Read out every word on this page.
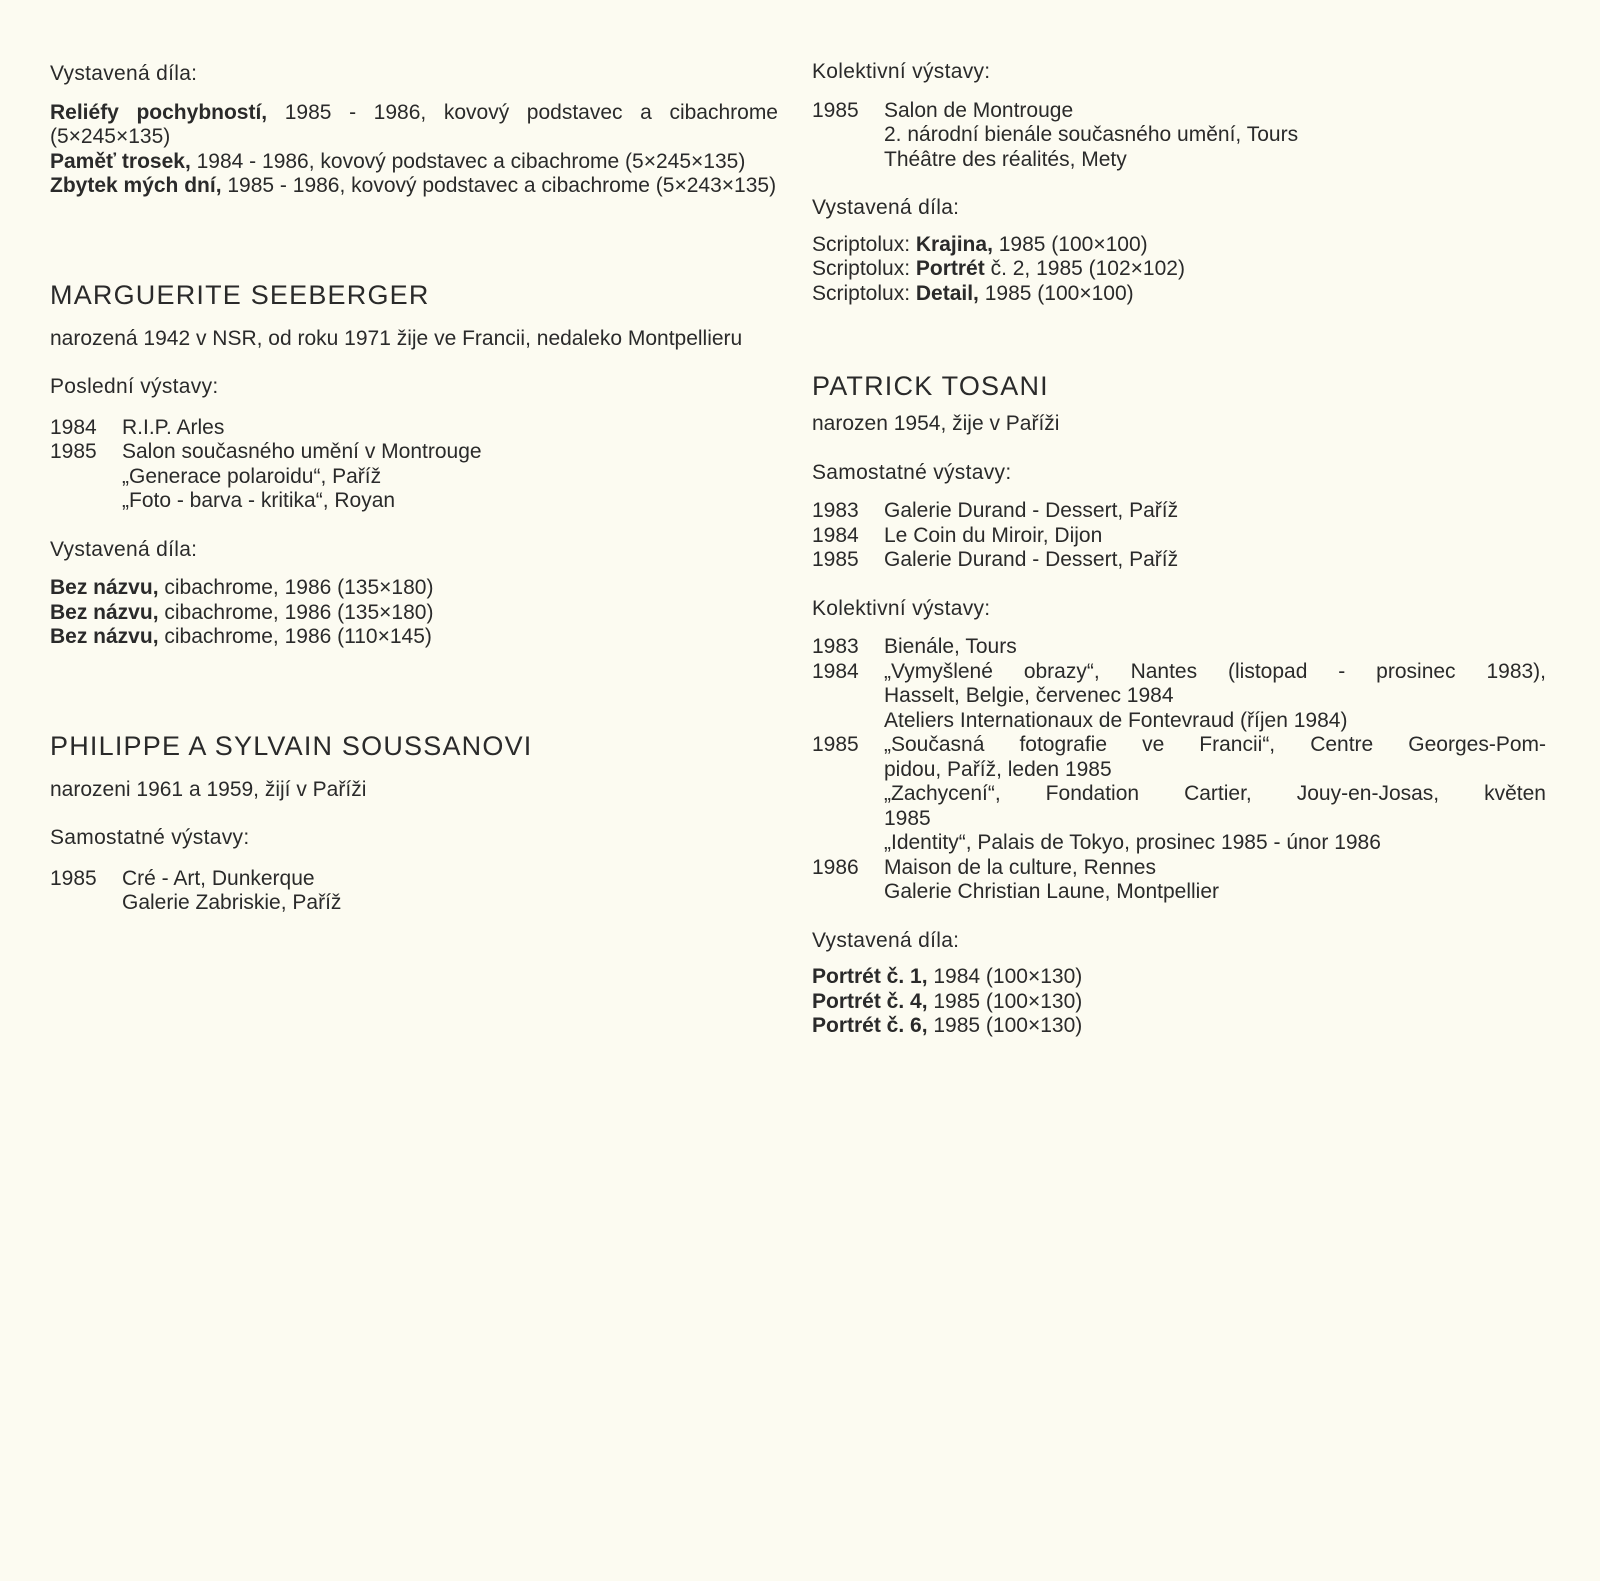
Vystavená díla:

Reliéfy pochybností, 1985 - 1986, kovový podstavec a cibachrome (5×245×135)
Paměť trosek, 1984 - 1986, kovový podstavec a cibachrome (5×245×135)
Zbytek mých dní, 1985 - 1986, kovový podstavec a cibachrome (5×243×135)
MARGUERITE SEEBERGER

narozená 1942 v NSR, od roku 1971 žije ve Francii, nedaleko Montpellieru

Poslední výstavy:

1984	R.I.P. Arles
1985	Salon současného umění v Montrouge
„Generace polaroidu“, Paříž
„Foto - barva - kritika“, Royan

Vystavená díla:

Bez názvu, cibachrome, 1986 (135×180)
Bez názvu, cibachrome, 1986 (135×180)
Bez názvu, cibachrome, 1986 (110×145)
PHILIPPE A SYLVAIN SOUSSANOVI

narozeni 1961 a 1959, žijí v Paříži

Samostatné výstavy:

1985	Cré - Art, Dunkerque
Galerie Zabriskie, Paříž

Kolektivní výstavy:

1985	Salon de Montrouge
2. národní bienále současného umění, Tours
Théâtre des réalités, Mety

Vystavená díla:

Scriptolux: Krajina, 1985 (100×100)
Scriptolux: Portrét č. 2, 1985 (102×102)
Scriptolux: Detail, 1985 (100×100)
PATRICK TOSANI

narozen 1954, žije v Paříži

Samostatné výstavy:

1983	Galerie Durand - Dessert, Paříž
1984	Le Coin du Miroir, Dijon
1985	Galerie Durand - Dessert, Paříž

Kolektivní výstavy:

1983	Bienále, Tours
1984	„Vymyšlené obrazy“, Nantes (listopad - prosinec 1983),
Hasselt, Belgie, červenec 1984
Ateliers Internationaux de Fontevraud (říjen 1984)
1985	„Současná fotografie ve Francii“, Centre Georges-Pom-
pidou, Paříž, leden 1985
„Zachycení“, Fondation Cartier, Jouy-en-Josas, květen
1985
„Identity“, Palais de Tokyo, prosinec 1985 - únor 1986
1986	Maison de la culture, Rennes
Galerie Christian Laune, Montpellier

Vystavená díla:

Portrét č. 1, 1984 (100×130)
Portrét č. 4, 1985 (100×130)
Portrét č. 6, 1985 (100×130)
